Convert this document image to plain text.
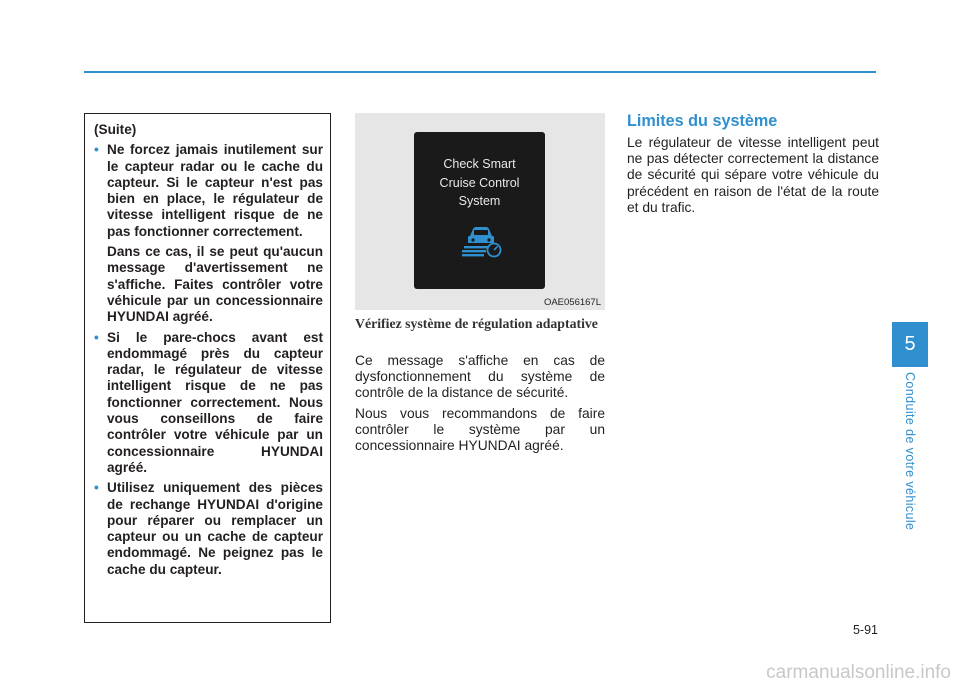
(Suite)
• Ne forcez jamais inutilement sur le capteur radar ou le cache du capteur. Si le capteur n'est pas bien en place, le régulateur de vitesse intelligent risque de ne pas fonctionner correctement.
Dans ce cas, il se peut qu'aucun message d'avertissement ne s'affiche. Faites contrôler votre véhicule par un concessionnaire HYUNDAI agréé.
• Si le pare-chocs avant est endommagé près du capteur radar, le régulateur de vitesse intelligent risque de ne pas fonctionner correctement. Nous vous conseillons de faire contrôler votre véhicule par un concessionnaire HYUNDAI agréé.
• Utilisez uniquement des pièces de rechange HYUNDAI d'origine pour réparer ou remplacer un capteur ou un cache de capteur endommagé. Ne peignez pas le cache du capteur.
Check Smart
Cruise Control
System
OAE056167L
Vérifiez système de régulation adaptative
Ce message s'affiche en cas de dysfonctionnement du système de contrôle de la distance de sécurité.
Nous vous recommandons de faire contrôler le système par un concessionnaire HYUNDAI agréé.
Limites du système
Le régulateur de vitesse intelligent peut ne pas détecter correctement la distance de sécurité qui sépare votre véhicule du précédent en raison de l'état de la route et du trafic.
5
Conduite de votre véhicule
5-91
carmanualsonline.info
